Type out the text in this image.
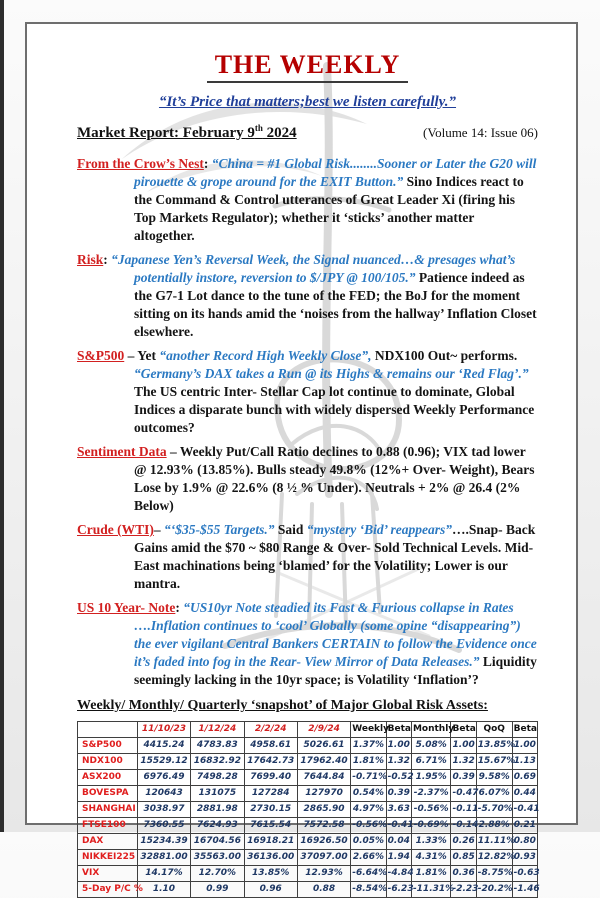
THE WEEKLY
“It’s Price that matters;best we listen carefully.”
Market Report: February 9th 2024	(Volume 14: Issue 06)

From the Crow’s Nest: “China = #1 Global Risk........Sooner or Later the G20 will pirouette & grope around for the EXIT Button.” Sino Indices react to the Command & Control utterances of Great Leader Xi (firing his Top Markets Regulator); whether it ‘sticks’ another matter altogether.

Risk: “Japanese Yen’s Reversal Week, the Signal nuanced…& presages what’s potentially instore, reversion to $/JPY @ 100/105.” Patience indeed as the G7-1 Lot dance to the tune of the FED; the BoJ for the moment sitting on its hands amid the ‘noises from the hallway’ Inflation Closet elsewhere.

S&P500 – Yet “another Record High Weekly Close”, NDX100 Out~ performs. “Germany’s DAX takes a Run @ its Highs & remains our ‘Red Flag’.” The US centric Inter- Stellar Cap lot continue to dominate, Global Indices a disparate bunch with widely dispersed Weekly Performance outcomes?

Sentiment Data – Weekly Put/Call Ratio declines to 0.88 (0.96); VIX tad lower @ 12.93% (13.85%). Bulls steady 49.8% (12%+ Over- Weight), Bears Lose by 1.9% @ 22.6% (8 ½ % Under). Neutrals + 2% @ 26.4 (2% Below)

Crude (WTI)– “‘$35-$55 Targets.” Said “mystery ‘Bid’ reappears”….Snap- Back Gains amid the $70 ~ $80 Range & Over- Sold Technical Levels. Mid- East machinations being ‘blamed’ for the Volatility; Lower is our mantra.

US 10 Year- Note: “US10yr Note steadied its Fast & Furious collapse in Rates ….Inflation continues to ‘cool’ Globally (some opine “disappearing”) the ever vigilant Central Bankers CERTAIN to follow the Evidence once it’s faded into fog in the Rear- View Mirror of Data Releases.” Liquidity seemingly lacking in the 10yr space; is Volatility ‘Inflation’?

Weekly/ Monthly/ Quarterly ‘snapshot’ of Major Global Risk Assets:
	11/10/23	1/12/24	2/2/24	2/9/24	Weekly	Beta	Monthly	Beta	QoQ	Beta
S&P500	4415.24	4783.83	4958.61	5026.61	1.37%	1.00	5.08%	1.00	13.85%	1.00
NDX100	15529.12	16832.92	17642.73	17962.40	1.81%	1.32	6.71%	1.32	15.67%	1.13
ASX200	6976.49	7498.28	7699.40	7644.84	-0.71%	-0.52	1.95%	0.39	9.58%	0.69
BOVESPA	120643	131075	127284	127970	0.54%	0.39	-2.37%	-0.47	6.07%	0.44
SHANGHAI	3038.97	2881.98	2730.15	2865.90	4.97%	3.63	-0.56%	-0.11	-5.70%	-0.41
FTSE100	7360.55	7624.93	7615.54	7572.58	-0.56%	-0.41	-0.69%	-0.14	2.88%	0.21
DAX	15234.39	16704.56	16918.21	16926.50	0.05%	0.04	1.33%	0.26	11.11%	0.80
NIKKEI225	32881.00	35563.00	36136.00	37097.00	2.66%	1.94	4.31%	0.85	12.82%	0.93
VIX	14.17%	12.70%	13.85%	12.93%	-6.64%	-4.84	1.81%	0.36	-8.75%	-0.63
5-Day P/C %	1.10	0.99	0.96	0.88	-8.54%	-6.23	-11.31%	-2.23	-20.2%	-1.46
